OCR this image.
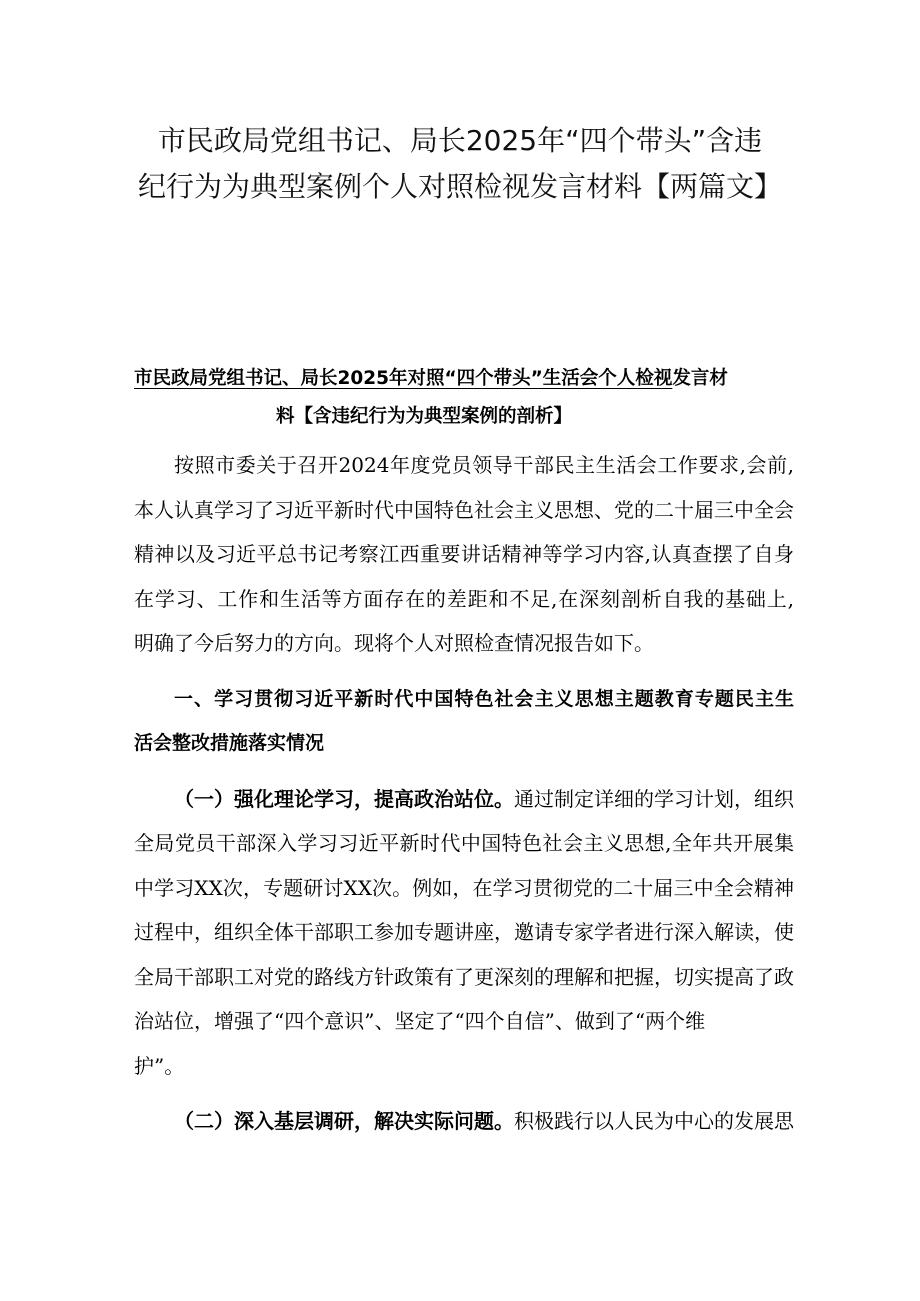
市民政局党组书记、局长2025年“四个带头”含违
纪行为为典型案例个人对照检视发言材料【两篇文】
市民政局党组书记、局长2025年对照“四个带头”生活会个人检视发言材
料【含违纪行为为典型案例的剖析】
按照市委关于召开2024年度党员领导干部民主生活会工作要求,会前,
本人认真学习了习近平新时代中国特色社会主义思想、党的二十届三中全会
精神以及习近平总书记考察江西重要讲话精神等学习内容,认真查摆了自身
在学习、工作和生活等方面存在的差距和不足,在深刻剖析自我的基础上,
明确了今后努力的方向。现将个人对照检查情况报告如下。
一、学习贯彻习近平新时代中国特色社会主义思想主题教育专题民主生
活会整改措施落实情况
（一）强化理论学习，提高政治站位。通过制定详细的学习计划，组织
全局党员干部深入学习习近平新时代中国特色社会主义思想,全年共开展集
中学习XX次，专题研讨XX次。例如，在学习贯彻党的二十届三中全会精神
过程中，组织全体干部职工参加专题讲座，邀请专家学者进行深入解读，使
全局干部职工对党的路线方针政策有了更深刻的理解和把握，切实提高了政
治站位，增强了“四个意识”、坚定了“四个自信”、做到了“两个维
护”。
（二）深入基层调研，解决实际问题。积极践行以人民为中心的发展思
